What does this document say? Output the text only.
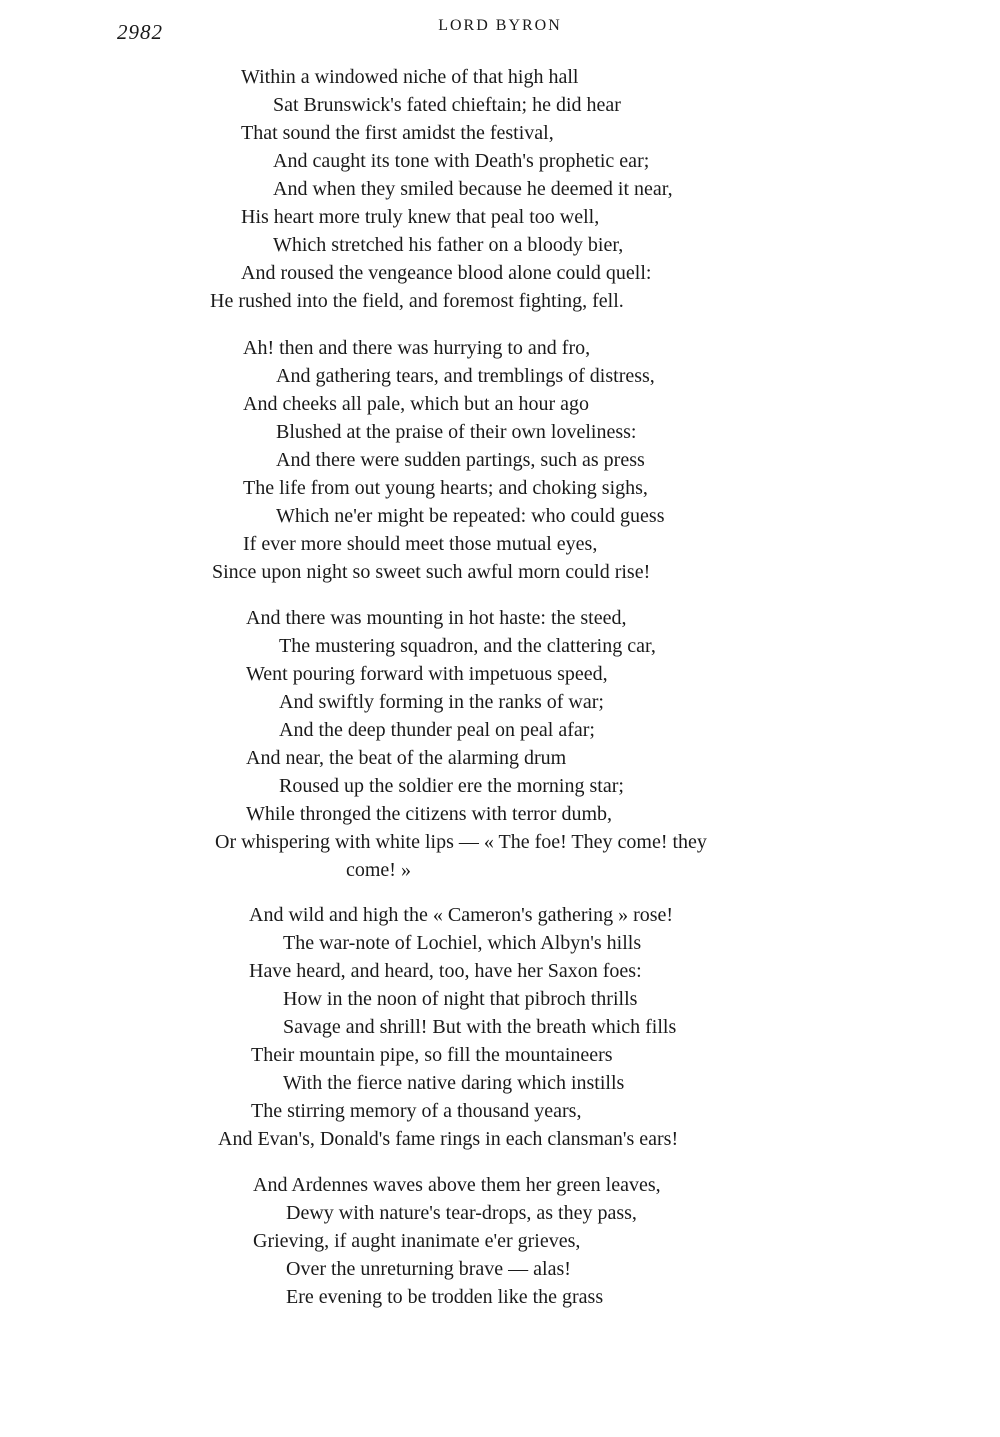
2982	LORD BYRON
Within a windowed niche of that high hall
Sat Brunswick's fated chieftain; he did hear
That sound the first amidst the festival,
And caught its tone with Death's prophetic ear;
And when they smiled because he deemed it near,
His heart more truly knew that peal too well,
Which stretched his father on a bloody bier,
And roused the vengeance blood alone could quell:
He rushed into the field, and foremost fighting, fell.
Ah! then and there was hurrying to and fro,
And gathering tears, and tremblings of distress,
And cheeks all pale, which but an hour ago
Blushed at the praise of their own loveliness:
And there were sudden partings, such as press
The life from out young hearts; and choking sighs,
Which ne'er might be repeated: who could guess
If ever more should meet those mutual eyes,
Since upon night so sweet such awful morn could rise!
And there was mounting in hot haste: the steed,
The mustering squadron, and the clattering car,
Went pouring forward with impetuous speed,
And swiftly forming in the ranks of war;
And the deep thunder peal on peal afar;
And near, the beat of the alarming drum
Roused up the soldier ere the morning star;
While thronged the citizens with terror dumb,
Or whispering with white lips — « The foe! They come! they
come! »
And wild and high the « Cameron's gathering » rose!
The war-note of Lochiel, which Albyn's hills
Have heard, and heard, too, have her Saxon foes:
How in the noon of night that pibroch thrills
Savage and shrill! But with the breath which fills
Their mountain pipe, so fill the mountaineers
With the fierce native daring which instills
The stirring memory of a thousand years,
And Evan's, Donald's fame rings in each clansman's ears!
And Ardennes waves above them her green leaves,
Dewy with nature's tear-drops, as they pass,
Grieving, if aught inanimate e'er grieves,
Over the unreturning brave — alas!
Ere evening to be trodden like the grass
